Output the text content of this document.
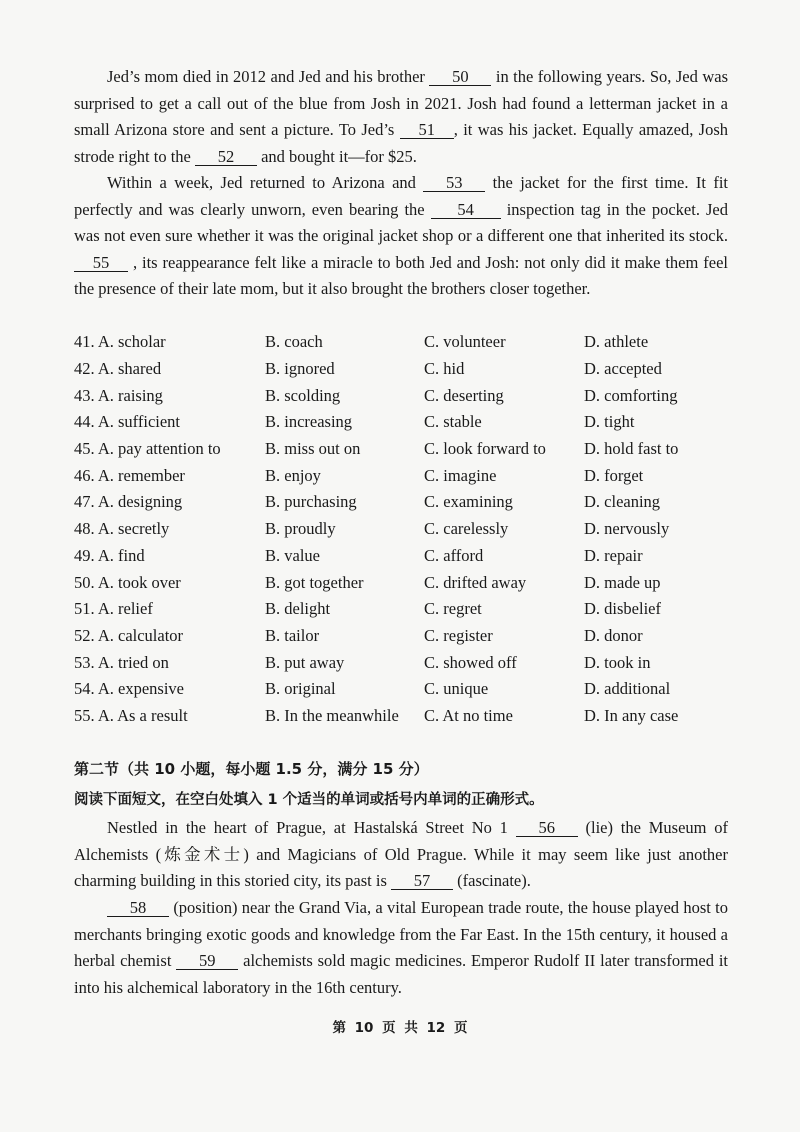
Jed’s mom died in 2012 and Jed and his brother 50 in the following years. So, Jed was surprised to get a call out of the blue from Josh in 2021. Josh had found a letterman jacket in a small Arizona store and sent a picture. To Jed’s 51 , it was his jacket. Equally amazed, Josh strode right to the 52 and bought it—for $25.

Within a week, Jed returned to Arizona and 53 the jacket for the first time. It fit perfectly and was clearly unworn, even bearing the 54 inspection tag in the pocket. Jed was not even sure whether it was the original jacket shop or a different one that inherited its stock. 55 , its reappearance felt like a miracle to both Jed and Josh: not only did it make them feel the presence of their late mom, but it also brought the brothers closer together.

41. A. scholar	B. coach	C. volunteer	D. athlete
42. A. shared	B. ignored	C. hid	D. accepted
43. A. raising	B. scolding	C. deserting	D. comforting
44. A. sufficient	B. increasing	C. stable	D. tight
45. A. pay attention to	B. miss out on	C. look forward to	D. hold fast to
46. A. remember	B. enjoy	C. imagine	D. forget
47. A. designing	B. purchasing	C. examining	D. cleaning
48. A. secretly	B. proudly	C. carelessly	D. nervously
49. A. find	B. value	C. afford	D. repair
50. A. took over	B. got together	C. drifted away	D. made up
51. A. relief	B. delight	C. regret	D. disbelief
52. A. calculator	B. tailor	C. register	D. donor
53. A. tried on	B. put away	C. showed off	D. took in
54. A. expensive	B. original	C. unique	D. additional
55. A. As a result	B. In the meanwhile	C. At no time	D. In any case
第二节（共 10 小题，每小题 1.5 分，满分 15 分）
阅读下面短文，在空白处填入 1 个适当的单词或括号内单词的正确形式。

Nestled in the heart of Prague, at Hastalská Street No 1 56 (lie) the Museum of Alchemists (炼金术士) and Magicians of Old Prague. While it may seem like just another charming building in this storied city, its past is 57 (fascinate).

58 (position) near the Grand Via, a vital European trade route, the house played host to merchants bringing exotic goods and knowledge from the Far East. In the 15th century, it housed a herbal chemist 59 alchemists sold magic medicines. Emperor Rudolf II later transformed it into his alchemical laboratory in the 16th century.

第 10 页 共 12 页
